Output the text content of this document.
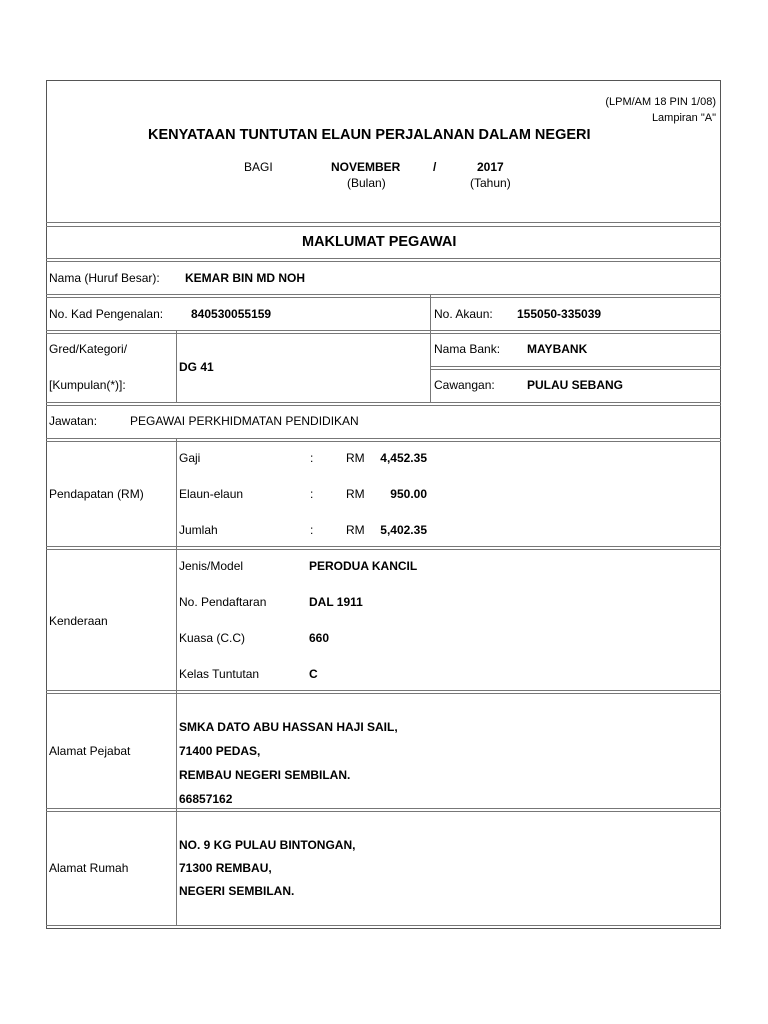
(LPM/AM 18 PIN 1/08)
Lampiran "A"
KENYATAAN TUNTUTAN ELAUN PERJALANAN DALAM NEGERI
BAGI	NOVEMBER	/	2017
(Bulan)	(Tahun)
MAKLUMAT PEGAWAI
Nama (Huruf Besar): KEMAR BIN MD NOH
No. Kad Pengenalan: 840530055159	No. Akaun: 155050-335039
Gred/Kategori/
[Kumpulan(*)]:
DG 41
Nama Bank: MAYBANK
Cawangan:	PULAU SEBANG
Jawatan:	PEGAWAI PERKHIDMATAN PENDIDIKAN
Pendapatan (RM)
Gaji	:	RM 4,452.35
Elaun-elaun	:	RM 950.00
Jumlah	:	RM 5,402.35
Kenderaan
Jenis/Model	PERODUA KANCIL
No. Pendaftaran	DAL 1911
Kuasa (C.C)	660
Kelas Tuntutan	C
Alamat Pejabat
SMKA DATO ABU HASSAN HAJI SAIL,
71400 PEDAS,
REMBAU NEGERI SEMBILAN.
66857162
Alamat Rumah
NO. 9 KG PULAU BINTONGAN,
71300 REMBAU,
NEGERI SEMBILAN.
